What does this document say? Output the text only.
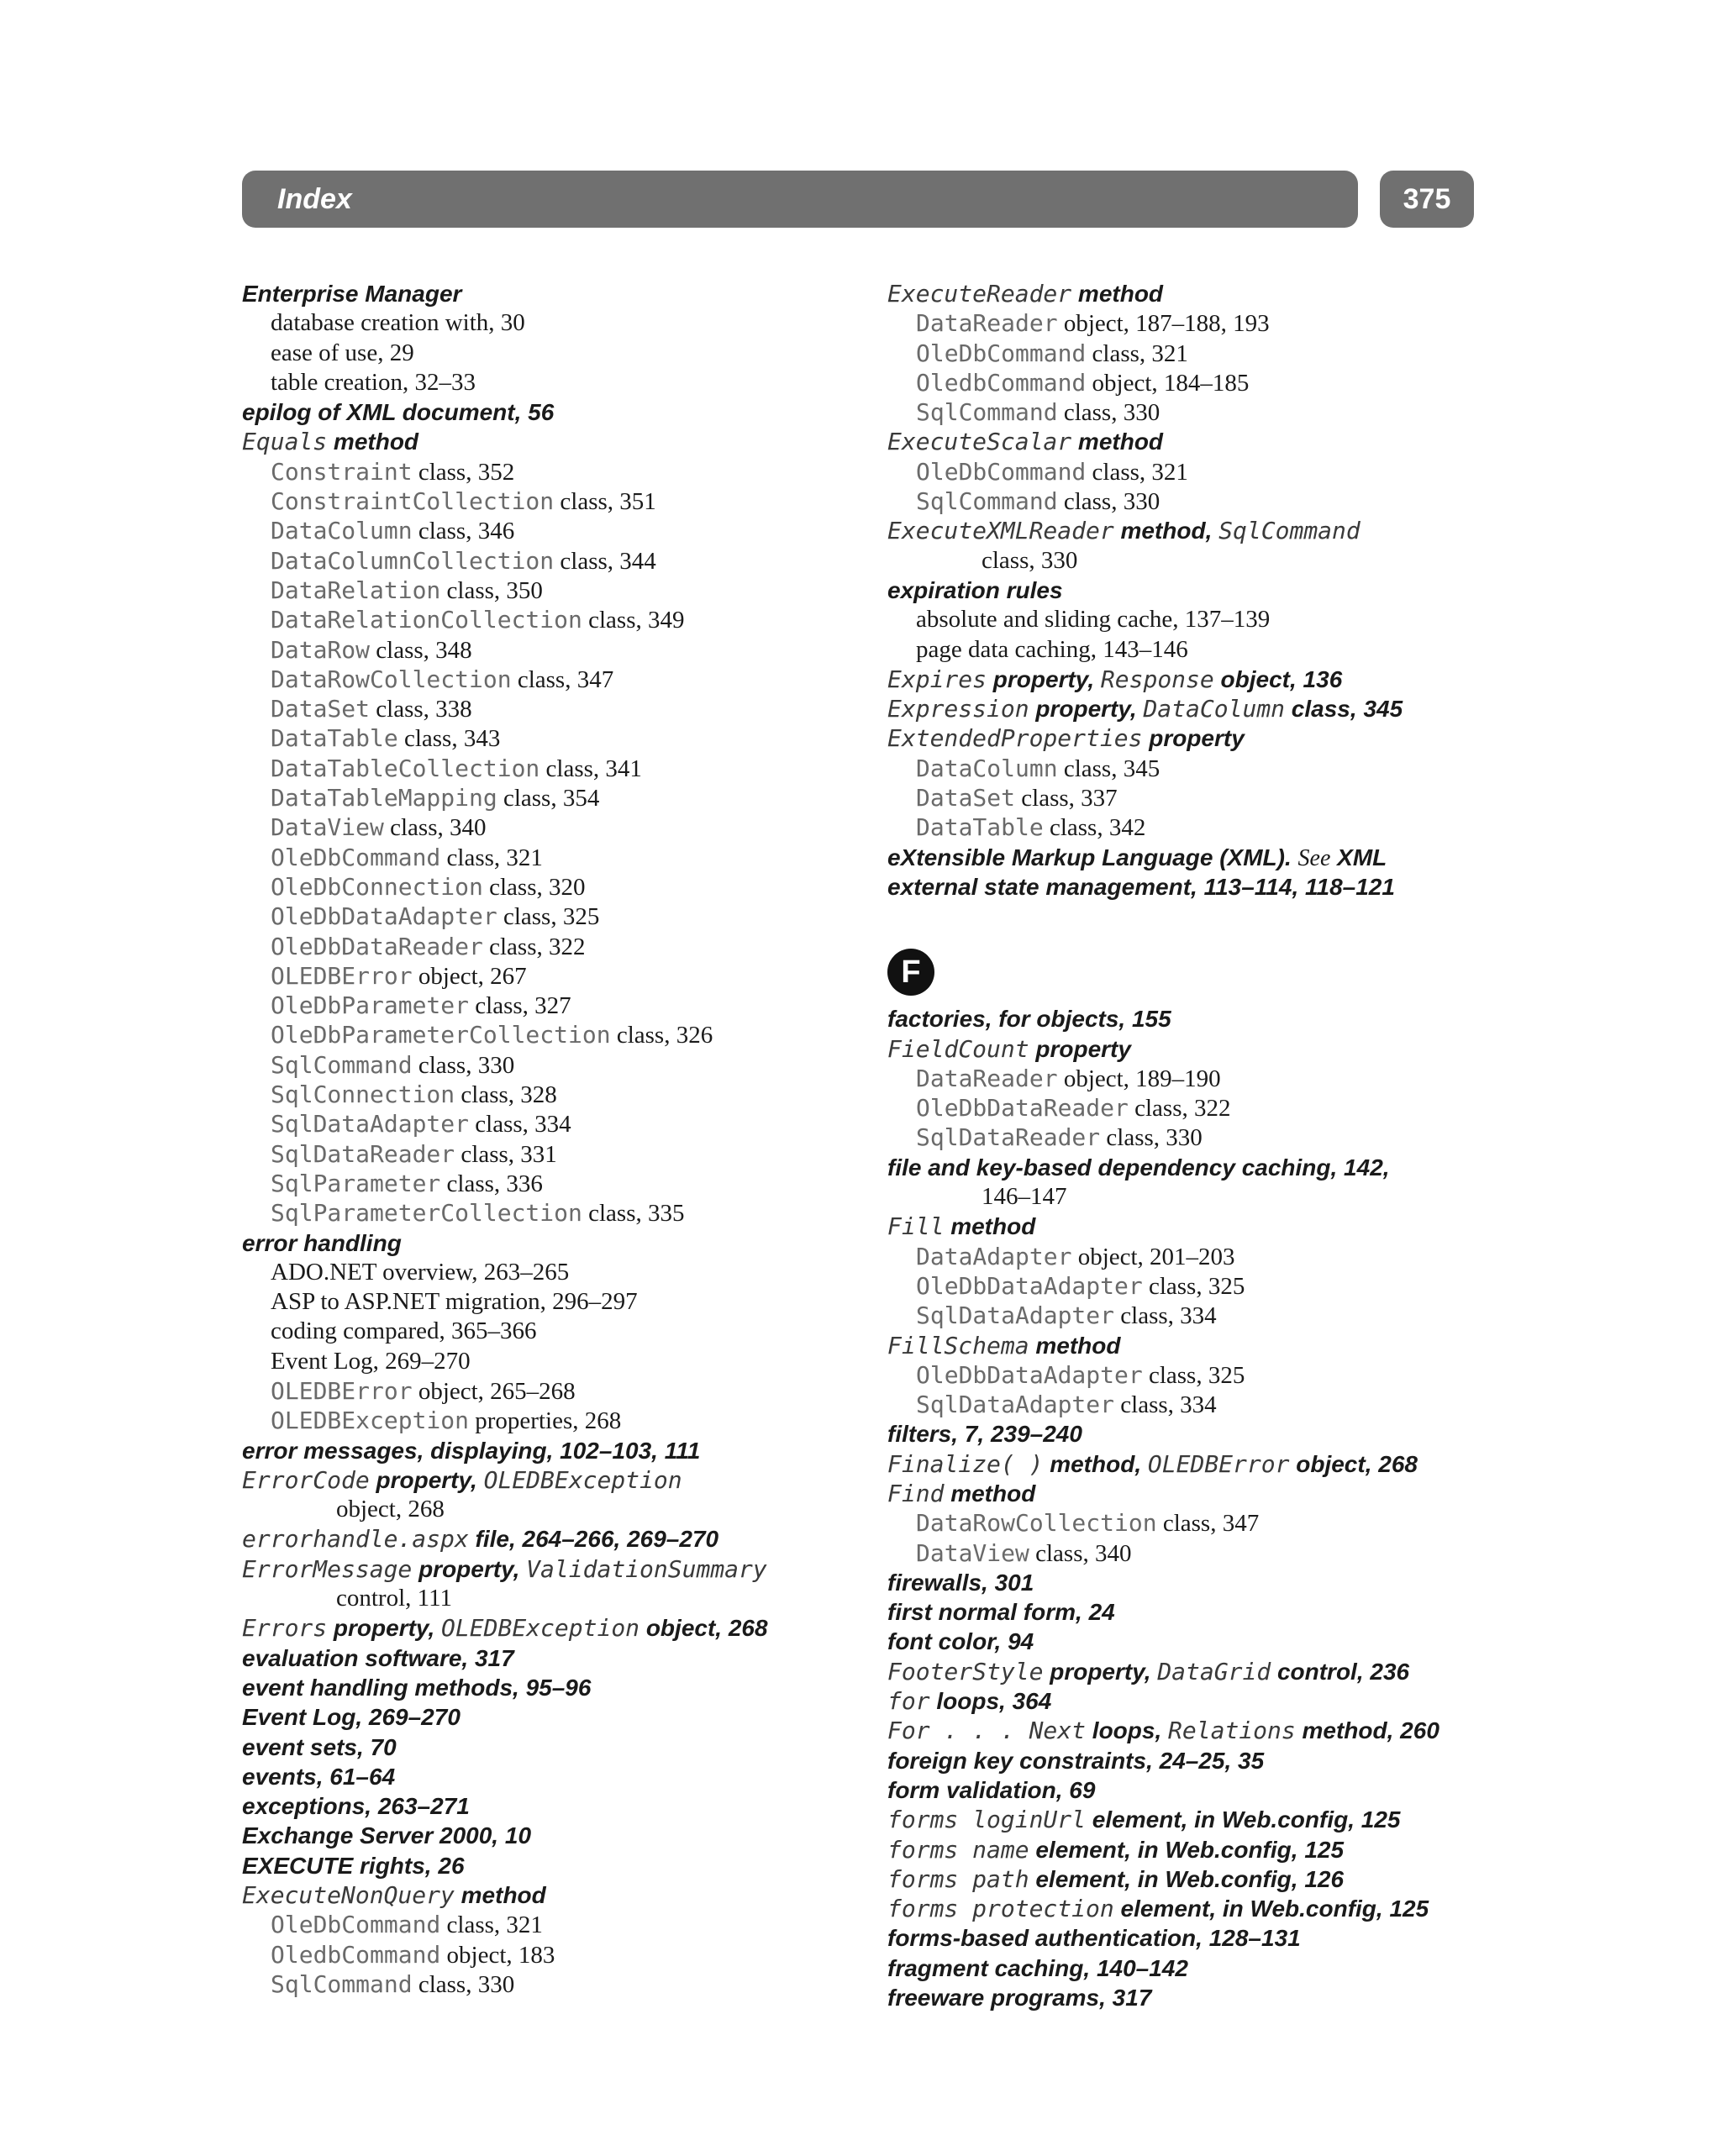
Index	375
Enterprise Manager
database creation with, 30
ease of use, 29
table creation, 32–33
epilog of XML document, 56
Equals method
Constraint class, 352
ConstraintCollection class, 351
DataColumn class, 346
DataColumnCollection class, 344
DataRelation class, 350
DataRelationCollection class, 349
DataRow class, 348
DataRowCollection class, 347
DataSet class, 338
DataTable class, 343
DataTableCollection class, 341
DataTableMapping class, 354
DataView class, 340
OleDbCommand class, 321
OleDbConnection class, 320
OleDbDataAdapter class, 325
OleDbDataReader class, 322
OLEDBError object, 267
OleDbParameter class, 327
OleDbParameterCollection class, 326
SqlCommand class, 330
SqlConnection class, 328
SqlDataAdapter class, 334
SqlDataReader class, 331
SqlParameter class, 336
SqlParameterCollection class, 335
error handling
ADO.NET overview, 263–265
ASP to ASP.NET migration, 296–297
coding compared, 365–366
Event Log, 269–270
OLEDBError object, 265–268
OLEDBException properties, 268
error messages, displaying, 102–103, 111
ErrorCode property, OLEDBException
object, 268
errorhandle.aspx file, 264–266, 269–270
ErrorMessage property, ValidationSummary
control, 111
Errors property, OLEDBException object, 268
evaluation software, 317
event handling methods, 95–96
Event Log, 269–270
event sets, 70
events, 61–64
exceptions, 263–271
Exchange Server 2000, 10
EXECUTE rights, 26
ExecuteNonQuery method
OleDbCommand class, 321
OledbCommand object, 183
SqlCommand class, 330
ExecuteReader method
DataReader object, 187–188, 193
OleDbCommand class, 321
OledbCommand object, 184–185
SqlCommand class, 330
ExecuteScalar method
OleDbCommand class, 321
SqlCommand class, 330
ExecuteXMLReader method, SqlCommand
class, 330
expiration rules
absolute and sliding cache, 137–139
page data caching, 143–146
Expires property, Response object, 136
Expression property, DataColumn class, 345
ExtendedProperties property
DataColumn class, 345
DataSet class, 337
DataTable class, 342
eXtensible Markup Language (XML). See XML
external state management, 113–114, 118–121
F
factories, for objects, 155
FieldCount property
DataReader object, 189–190
OleDbDataReader class, 322
SqlDataReader class, 330
file and key-based dependency caching, 142,
146–147
Fill method
DataAdapter object, 201–203
OleDbDataAdapter class, 325
SqlDataAdapter class, 334
FillSchema method
OleDbDataAdapter class, 325
SqlDataAdapter class, 334
filters, 7, 239–240
Finalize( ) method, OLEDBError object, 268
Find method
DataRowCollection class, 347
DataView class, 340
firewalls, 301
first normal form, 24
font color, 94
FooterStyle property, DataGrid control, 236
for loops, 364
For . . . Next loops, Relations method, 260
foreign key constraints, 24–25, 35
form validation, 69
forms loginUrl element, in Web.config, 125
forms name element, in Web.config, 125
forms path element, in Web.config, 126
forms protection element, in Web.config, 125
forms-based authentication, 128–131
fragment caching, 140–142
freeware programs, 317
